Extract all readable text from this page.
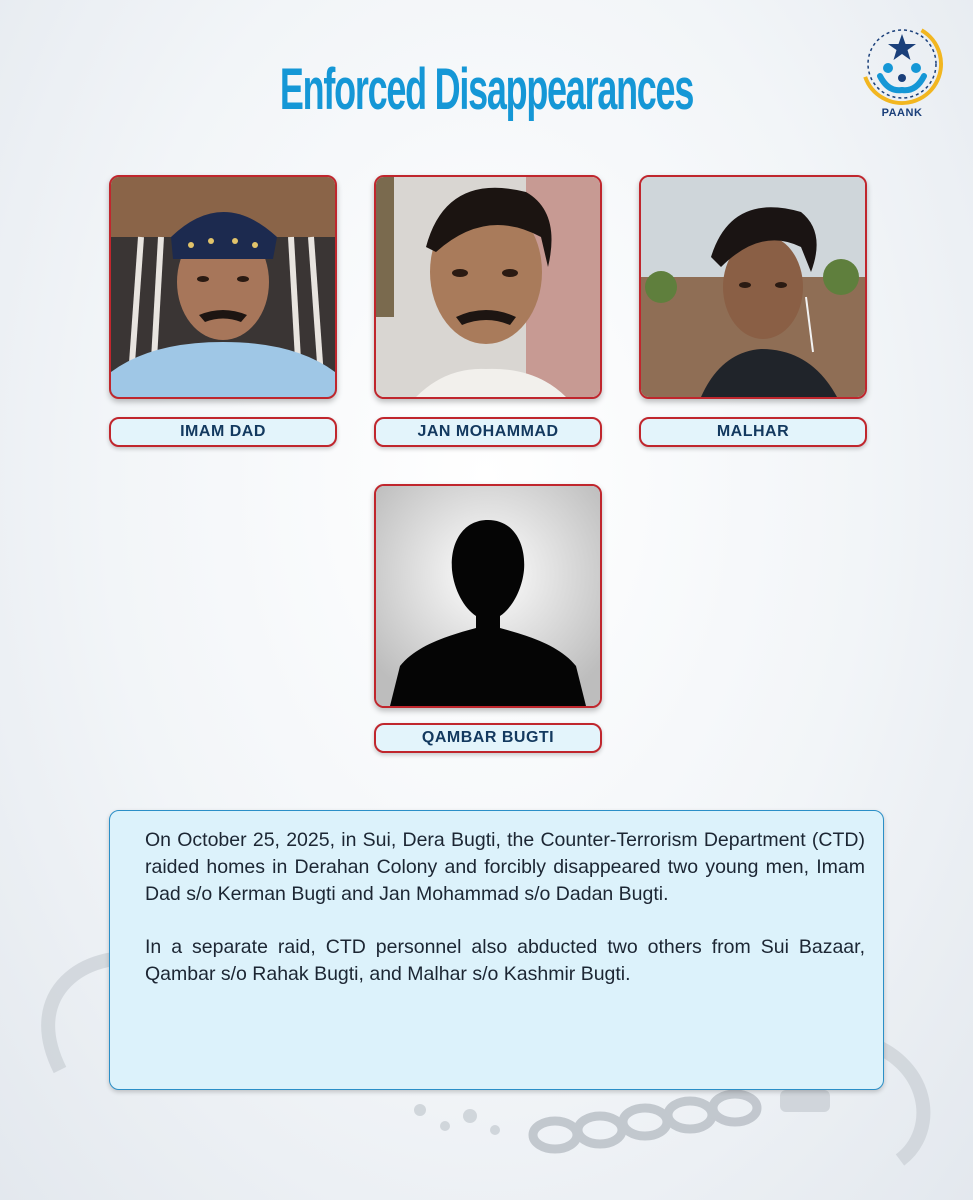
Enforced Disappearances	PAANK
IMAM DAD	JAN MOHAMMAD	MALHAR
QAMBAR BUGTI

On October 25, 2025, in Sui, Dera Bugti, the Counter-Terrorism Department (CTD) raided homes in Derahan Colony and forcibly disappeared two young men, Imam Dad s/o Kerman Bugti and Jan Mohammad s/o Dadan Bugti.

In a separate raid, CTD personnel also abducted two others from Sui Bazaar, Qambar s/o Rahak Bugti, and Malhar s/o Kashmir Bugti.
